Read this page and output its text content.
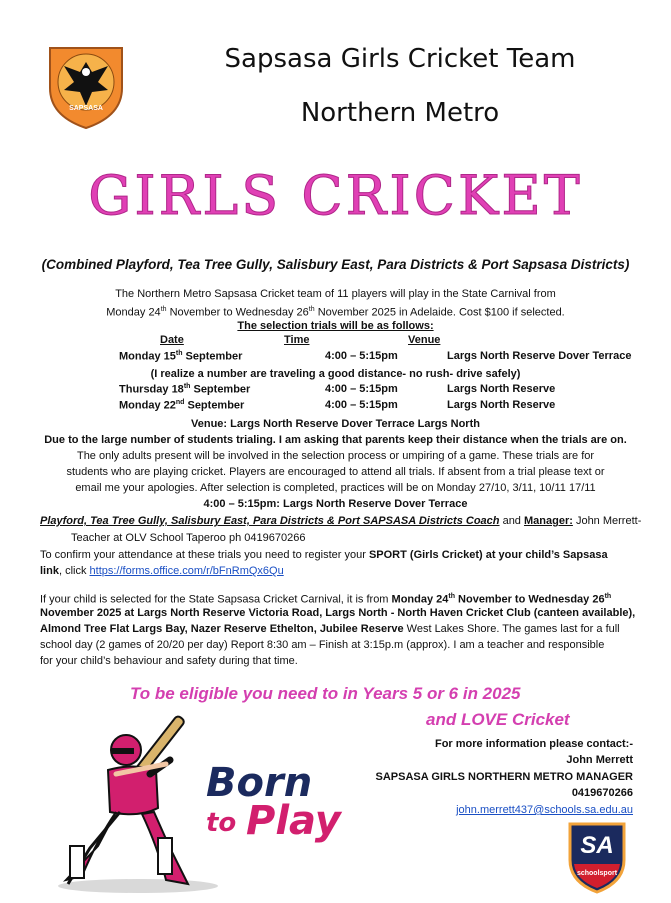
SAPSASA
Sapsasa Girls Cricket Team
Northern Metro
GIRLS CRICKET
(Combined Playford, Tea Tree Gully, Salisbury East, Para Districts & Port Sapsasa Districts)
The Northern Metro Sapsasa Cricket team of 11 players will play in the State Carnival from
Monday 24th November to Wednesday 26th November 2025 in Adelaide. Cost $100 if selected.
The selection trials will be as follows:
Date	Time	Venue
Monday 15th September	4:00 – 5:15pm	Largs North Reserve Dover Terrace
(I realize a number are traveling a good distance- no rush- drive safely)
Thursday 18th September	4:00 – 5:15pm	Largs North Reserve
Monday 22nd September	4:00 – 5:15pm	Largs North Reserve
Venue: Largs North Reserve Dover Terrace Largs North
Due to the large number of students trialing. I am asking that parents keep their distance when the trials are on.
The only adults present will be involved in the selection process or umpiring of a game. These trials are for
students who are playing cricket. Players are encouraged to attend all trials. If absent from a trial please text or
email me your apologies. After selection is completed, practices will be on Monday 27/10, 3/11, 10/11 17/11
4:00 – 5:15pm: Largs North Reserve Dover Terrace
Playford, Tea Tree Gully, Salisbury East, Para Districts & Port SAPSASA Districts Coach and Manager: John Merrett-
Teacher at OLV School Taperoo ph 0419670266
To confirm your attendance at these trials you need to register your SPORT (Girls Cricket) at your child’s Sapsasa
link, click https://forms.office.com/r/bFnRmQx6Qu
If your child is selected for the State Sapsasa Cricket Carnival, it is from Monday 24th November to Wednesday 26th
November 2025 at Largs North Reserve Victoria Road, Largs North - North Haven Cricket Club (canteen available),
Almond Tree Flat Largs Bay, Nazer Reserve Ethelton, Jubilee Reserve West Lakes Shore. The games last for a full
school day (2 games of 20/20 per day) Report 8:30 am – Finish at 3:15p.m (approx). I am a teacher and responsible
for your child’s behaviour and safety during that time.
To be eligible you need to in Years 5 or 6 in 2025
and LOVE Cricket
Born
to Play
For more information please contact:-
John Merrett
SAPSASA GIRLS NORTHERN METRO MANAGER
0419670266
john.merrett437@schools.sa.edu.au
SA
schoolsport
